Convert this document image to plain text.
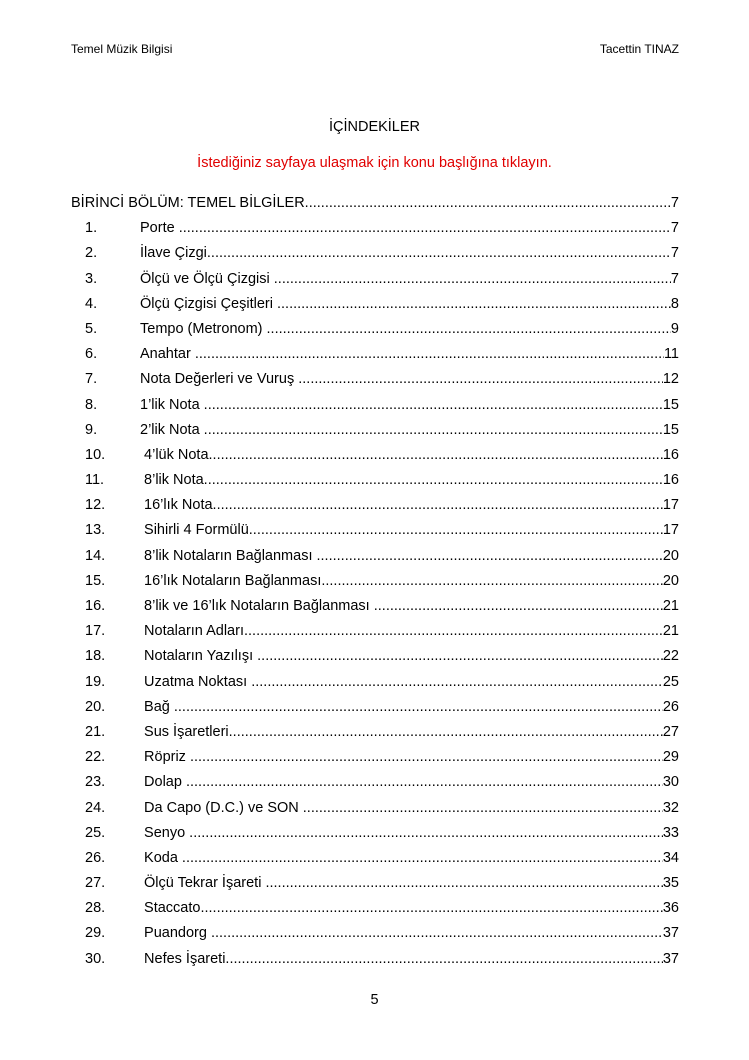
Temel Müzik Bilgisi	Tacettin TINAZ
İÇİNDEKİLER
İstediğiniz sayfaya ulaşmak için konu başlığına tıklayın.
BİRİNCİ BÖLÜM: TEMEL BİLGİLER .....	7
1.	Porte .....	7
2.	İlave Çizgi .....	7
3.	Ölçü ve Ölçü Çizgisi .....	7
4.	Ölçü Çizgisi Çeşitleri .....	8
5.	Tempo (Metronom) .....	9
6.	Anahtar .....	11
7.	Nota Değerleri ve Vuruş .....	12
8.	1’lik Nota .....	15
9.	2’lik Nota .....	15
10.	4’lük Nota .....	16
11.	8’lik Nota .....	16
12.	16’lık Nota .....	17
13.	Sihirli 4 Formülü .....	17
14.	8’lik Notaların Bağlanması .....	20
15.	16’lık Notaların Bağlanması .....	20
16.	8’lik ve 16’lık Notaların Bağlanması .....	21
17.	Notaların Adları .....	21
18.	Notaların Yazılışı .....	22
19.	Uzatma Noktası .....	25
20.	Bağ .....	26
21.	Sus İşaretleri .....	27
22.	Röpriz .....	29
23.	Dolap .....	30
24.	Da Capo (D.C.) ve SON .....	32
25.	Senyo .....	33
26.	Koda .....	34
27.	Ölçü Tekrar İşareti .....	35
28.	Staccato .....	36
29.	Puandorg .....	37
30.	Nefes İşareti .....	37
5
